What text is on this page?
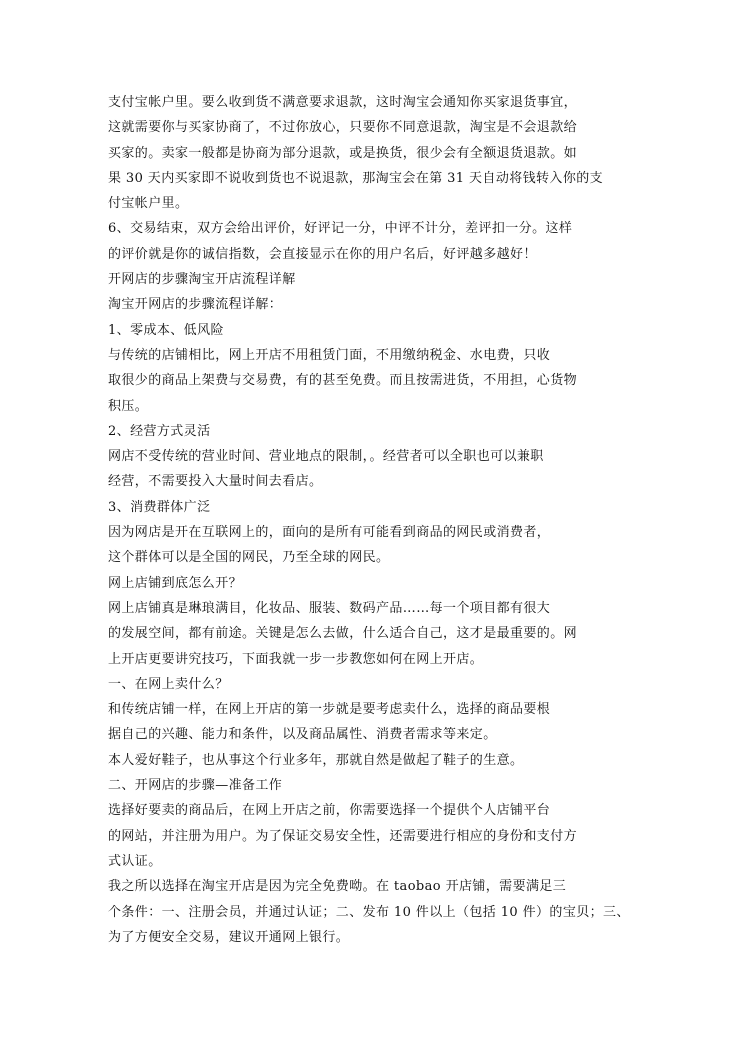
支付宝帐户里。要么收到货不满意要求退款，这时淘宝会通知你买家退货事宜，
这就需要你与买家协商了，不过你放心，只要你不同意退款，淘宝是不会退款给
买家的。卖家一般都是协商为部分退款，或是换货，很少会有全额退货退款。如
果 30 天内买家即不说收到货也不说退款，那淘宝会在第 31 天自动将钱转入你的支
付宝帐户里。
6、交易结束，双方会给出评价，好评记一分，中评不计分，差评扣一分。这样
的评价就是你的诚信指数，会直接显示在你的用户名后，好评越多越好！
开网店的步骤淘宝开店流程详解
淘宝开网店的步骤流程详解：
1、零成本、低风险
与传统的店铺相比，网上开店不用租赁门面，不用缴纳税金、水电费，只收
取很少的商品上架费与交易费，有的甚至免费。而且按需进货，不用担，心货物
积压。
2、经营方式灵活
网店不受传统的营业时间、营业地点的限制，。经营者可以全职也可以兼职
经营，不需要投入大量时间去看店。
3、消费群体广泛
因为网店是开在互联网上的，面向的是所有可能看到商品的网民或消费者，
这个群体可以是全国的网民，乃至全球的网民。
网上店铺到底怎么开？
网上店铺真是琳琅满目，化妆品、服装、数码产品……每一个项目都有很大
的发展空间，都有前途。关键是怎么去做，什么适合自己，这才是最重要的。网
上开店更要讲究技巧，下面我就一步一步教您如何在网上开店。
一、在网上卖什么？
和传统店铺一样，在网上开店的第一步就是要考虑卖什么，选择的商品要根
据自己的兴趣、能力和条件，以及商品属性、消费者需求等来定。
本人爱好鞋子，也从事这个行业多年，那就自然是做起了鞋子的生意。
二、开网店的步骤—准备工作
选择好要卖的商品后，在网上开店之前，你需要选择一个提供个人店铺平台
的网站，并注册为用户。为了保证交易安全性，还需要进行相应的身份和支付方
式认证。
我之所以选择在淘宝开店是因为完全免费呦。在 taobao 开店铺，需要满足三
个条件：一、注册会员，并通过认证；二、发布 10 件以上（包括 10 件）的宝贝；三、
为了方便安全交易，建议开通网上银行。
